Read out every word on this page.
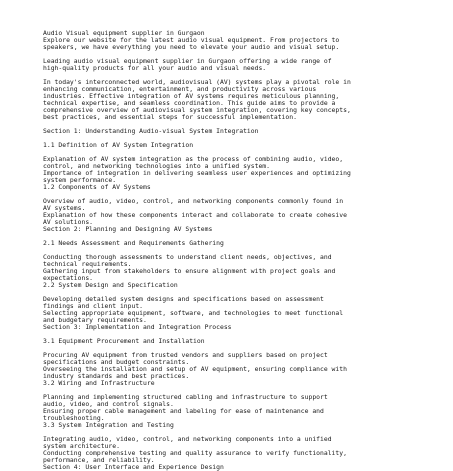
Audio Visual equipment supplier in Gurgaon
Explore our website for the latest audio visual equipment. From projectors to
speakers, we have everything you need to elevate your audio and visual setup.
Leading audio visual equipment supplier in Gurgaon offering a wide range of
high-quality products for all your audio and visual needs.
In today's interconnected world, audiovisual (AV) systems play a pivotal role in
enhancing communication, entertainment, and productivity across various
industries. Effective integration of AV systems requires meticulous planning,
technical expertise, and seamless coordination. This guide aims to provide a
comprehensive overview of audiovisual system integration, covering key concepts,
best practices, and essential steps for successful implementation.
Section 1: Understanding Audio-visual System Integration
1.1 Definition of AV System Integration
Explanation of AV system integration as the process of combining audio, video,
control, and networking technologies into a unified system.
Importance of integration in delivering seamless user experiences and optimizing
system performance.
1.2 Components of AV Systems
Overview of audio, video, control, and networking components commonly found in
AV systems.
Explanation of how these components interact and collaborate to create cohesive
AV solutions.
Section 2: Planning and Designing AV Systems
2.1 Needs Assessment and Requirements Gathering
Conducting thorough assessments to understand client needs, objectives, and
technical requirements.
Gathering input from stakeholders to ensure alignment with project goals and
expectations.
2.2 System Design and Specification
Developing detailed system designs and specifications based on assessment
findings and client input.
Selecting appropriate equipment, software, and technologies to meet functional
and budgetary requirements.
Section 3: Implementation and Integration Process
3.1 Equipment Procurement and Installation
Procuring AV equipment from trusted vendors and suppliers based on project
specifications and budget constraints.
Overseeing the installation and setup of AV equipment, ensuring compliance with
industry standards and best practices.
3.2 Wiring and Infrastructure
Planning and implementing structured cabling and infrastructure to support
audio, video, and control signals.
Ensuring proper cable management and labeling for ease of maintenance and
troubleshooting.
3.3 System Integration and Testing
Integrating audio, video, control, and networking components into a unified
system architecture.
Conducting comprehensive testing and quality assurance to verify functionality,
performance, and reliability.
Section 4: User Interface and Experience Design
